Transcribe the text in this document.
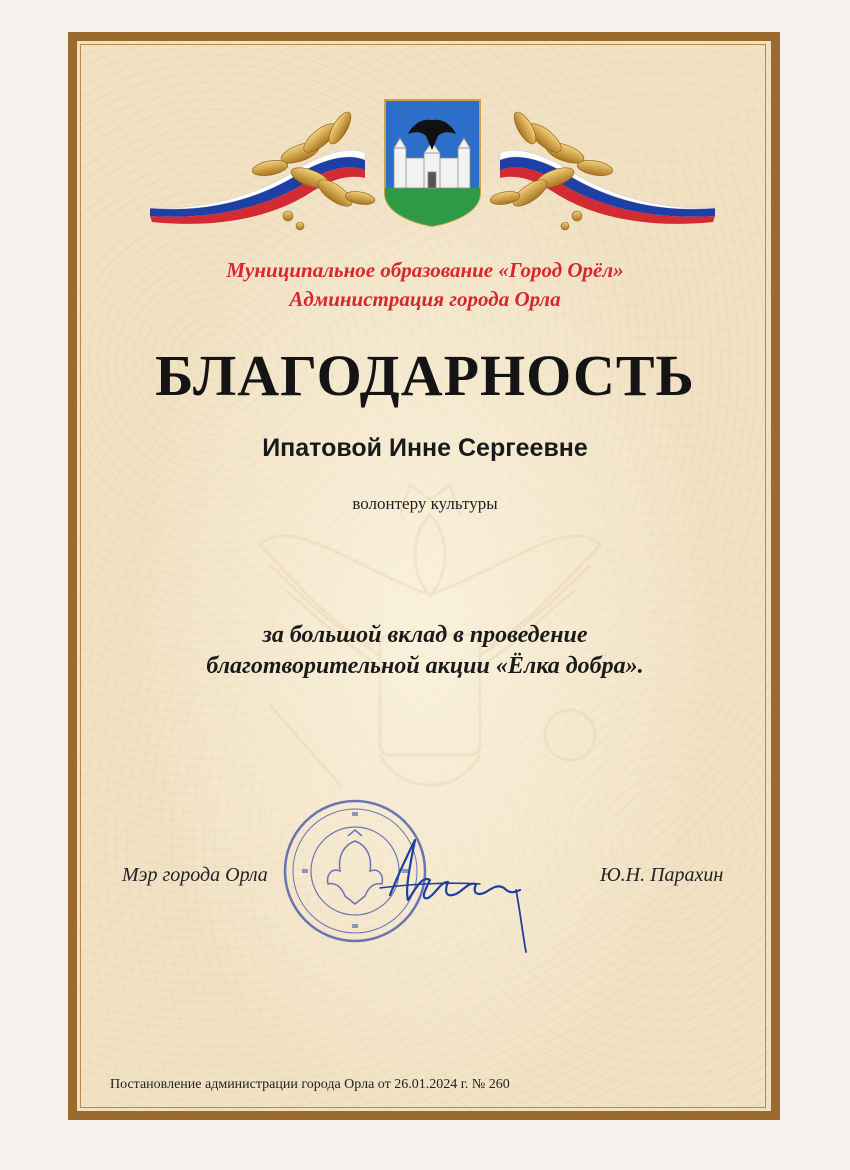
Муниципальное образование «Город Орёл»
Администрация города Орла
БЛАГОДАРНОСТЬ
Ипатовой Инне Сергеевне
волонтеру культуры
за большой вклад в проведение
благотворительной акции «Ёлка добра».
Мэр города Орла	Ю.Н. Парахин
Постановление администрации города Орла от 26.01.2024 г. № 260
